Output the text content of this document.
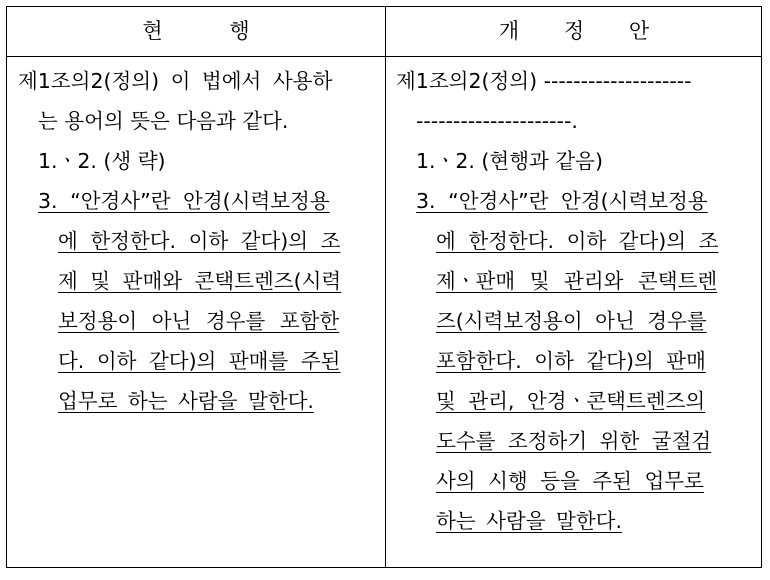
현 행	개 정 안
제1조의2(정의) 이 법에서 사용하
는 용어의 뜻은 다음과 같다.
1.ㆍ2. (생 략)
3. “안경사”란 안경(시력보정용
에 한정한다. 이하 같다)의 조
제 및 판매와 콘택트렌즈(시력
보정용이 아닌 경우를 포함한
다. 이하 같다)의 판매를 주된
업무로 하는 사람을 말한다.
제1조의2(정의) --------------------
---------------------.
1.ㆍ2. (현행과 같음)
3. “안경사”란 안경(시력보정용
에 한정한다. 이하 같다)의 조
제ㆍ판매 및 관리와 콘택트렌
즈(시력보정용이 아닌 경우를
포함한다. 이하 같다)의 판매
및 관리, 안경ㆍ콘택트렌즈의
도수를 조정하기 위한 굴절검
사의 시행 등을 주된 업무로
하는 사람을 말한다.
